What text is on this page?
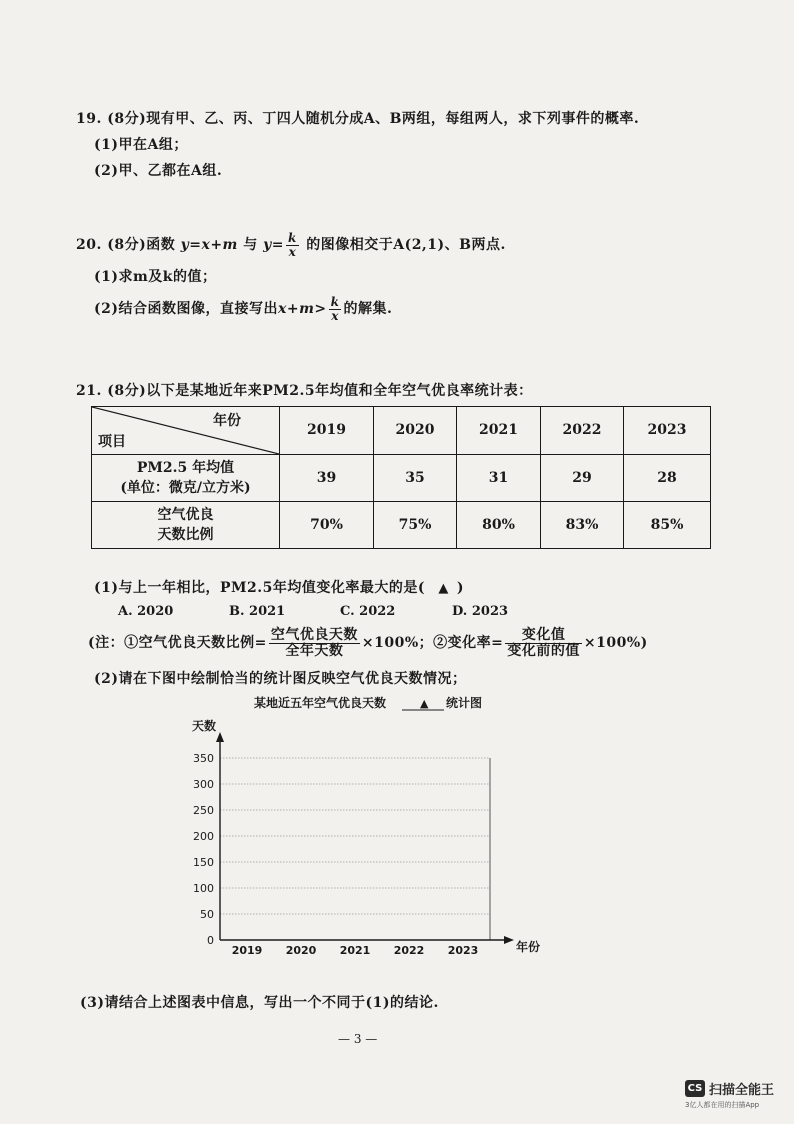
19. (8分)现有甲、乙、丙、丁四人随机分成A、B两组，每组两人，求下列事件的概率.
(1)甲在A组；
(2)甲、乙都在A组.
20. (8分)函数 y=x+m 与 $y= \frac{k}{x}$ 的图像相交于A(2,1)、B两点.
(1)求m及k的值；
(2)结合函数图像，直接写出$x+m> \frac{k}{x}$ 的解集.
21. (8分)以下是某地近年来PM2.5年均值和全年空气优良率统计表：
年份
项目	2019	2020	2021	2022	2023

PM2.5 年均值
(单位：微克/立方米)	39	35	31	29	28

空气优良
天数比例	70%	75%	80%	83%	85%
(1)与上一年相比，PM2.5年均值变化率最大的是( ▲ )
A. 2020	B. 2021	C. 2022	D. 2023
(注：①空气优良天数比例= $\frac{\text{空气优良天数}}{\text{全年天数}} \times 100\%$；②变化率= $\frac{\text{变化值}}{\text{变化前的值}} \times 100\%$)
(2)请在下图中绘制恰当的统计图反映空气优良天数情况；
某地近五年空气优良天数	▲ 统计图
天数
年份
0
50
100
150
200
250
300
350
2019 2020 2021 2022 2023
(3)请结合上述图表中信息，写出一个不同于(1)的结论.
— 3 —
CS 扫描全能王
3亿人都在用的扫描App
